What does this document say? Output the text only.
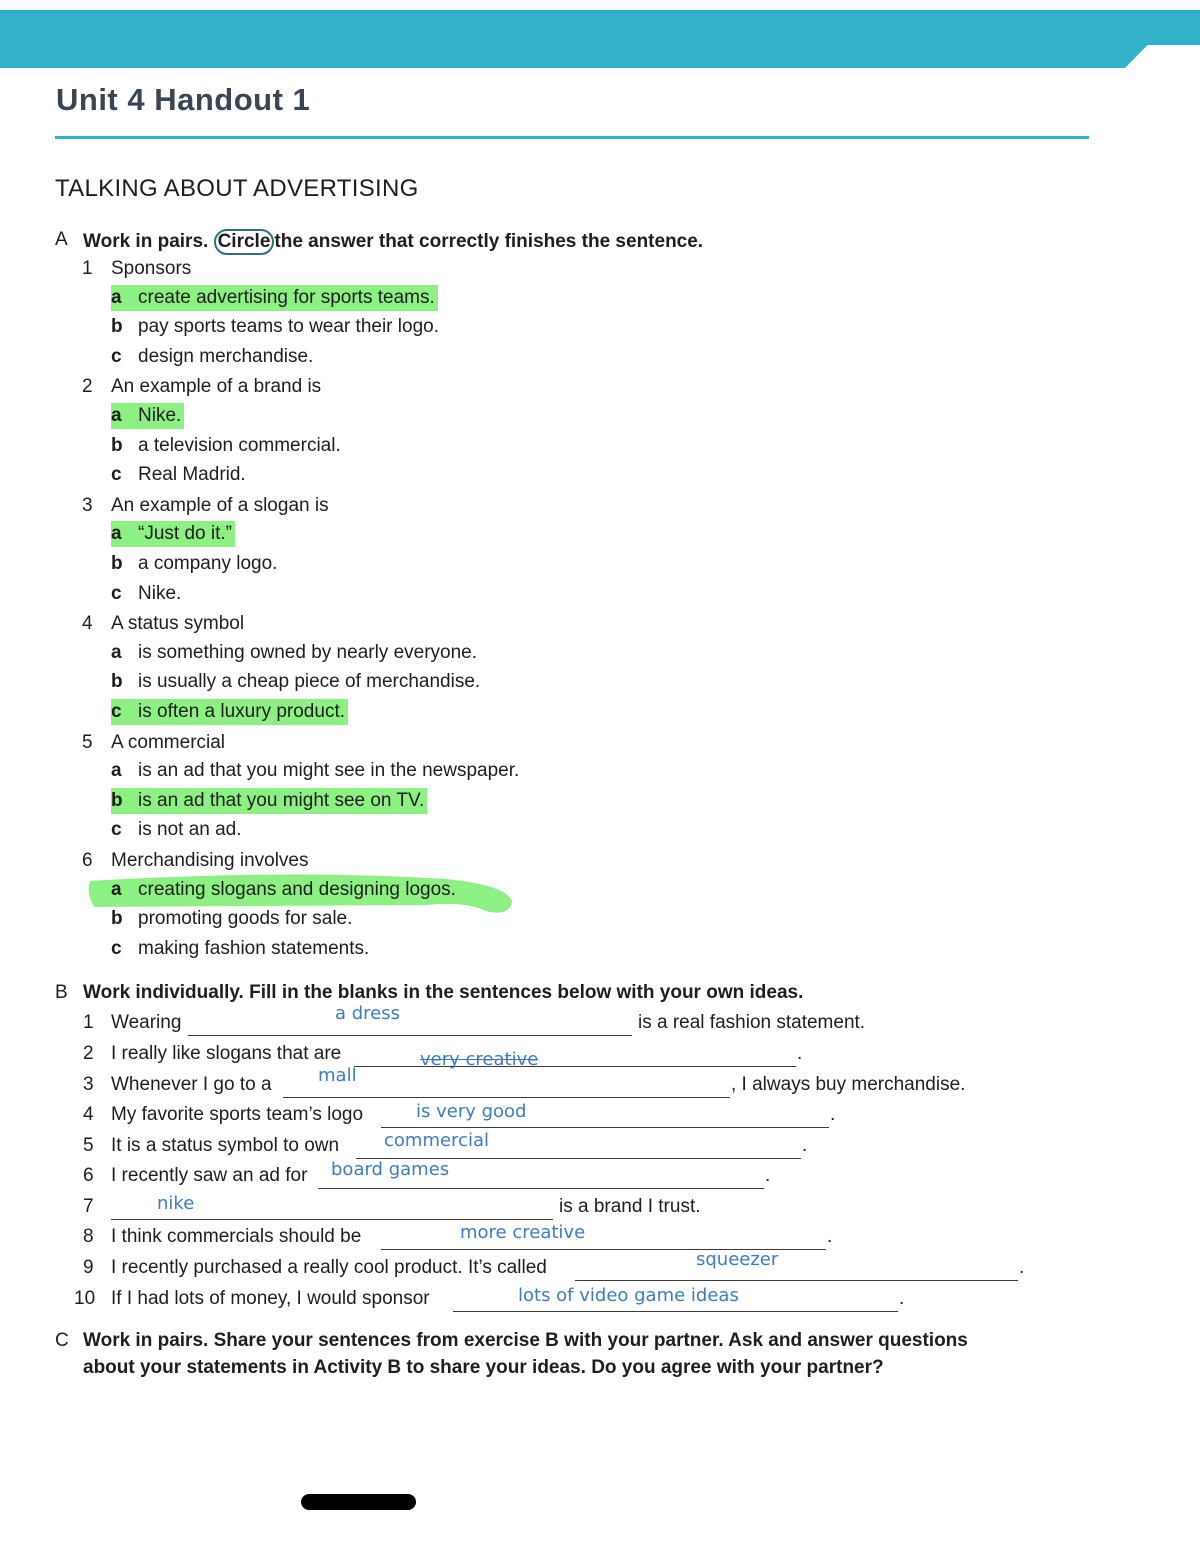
Unit 4 Handout 1
TALKING ABOUT ADVERTISING
A Work in pairs. Circle the answer that correctly finishes the sentence.
1 Sponsors
a create advertising for sports teams.
b pay sports teams to wear their logo.
c design merchandise.
2 An example of a brand is
a Nike.
b a television commercial.
c Real Madrid.
3 An example of a slogan is
a “Just do it.”
b a company logo.
c Nike.
4 A status symbol
a is something owned by nearly everyone.
b is usually a cheap piece of merchandise.
c is often a luxury product.
5 A commercial
a is an ad that you might see in the newspaper.
b is an ad that you might see on TV.
c is not an ad.
6 Merchandising involves
a creating slogans and designing logos.
b promoting goods for sale.
c making fashion statements.
B Work individually. Fill in the blanks in the sentences below with your own ideas.
1 Wearing	a dress	is a real fashion statement.
2 I really like slogans that are	very creative	.
3 Whenever I go to a	mall	, I always buy merchandise.
4 My favorite sports team’s logo	is very good	.
5 It is a status symbol to own commercial	.
6 I recently saw an ad for board games	.
7	nike	is a brand I trust.
8 I think commercials should be	more creative	.
9 I recently purchased a really cool product. It’s called	squeezer	.
10 If I had lots of money, I would sponsor	lots of video game ideas	.
C Work in pairs. Share your sentences from exercise B with your partner. Ask and answer questions
about your statements in Activity B to share your ideas. Do you agree with your partner?
